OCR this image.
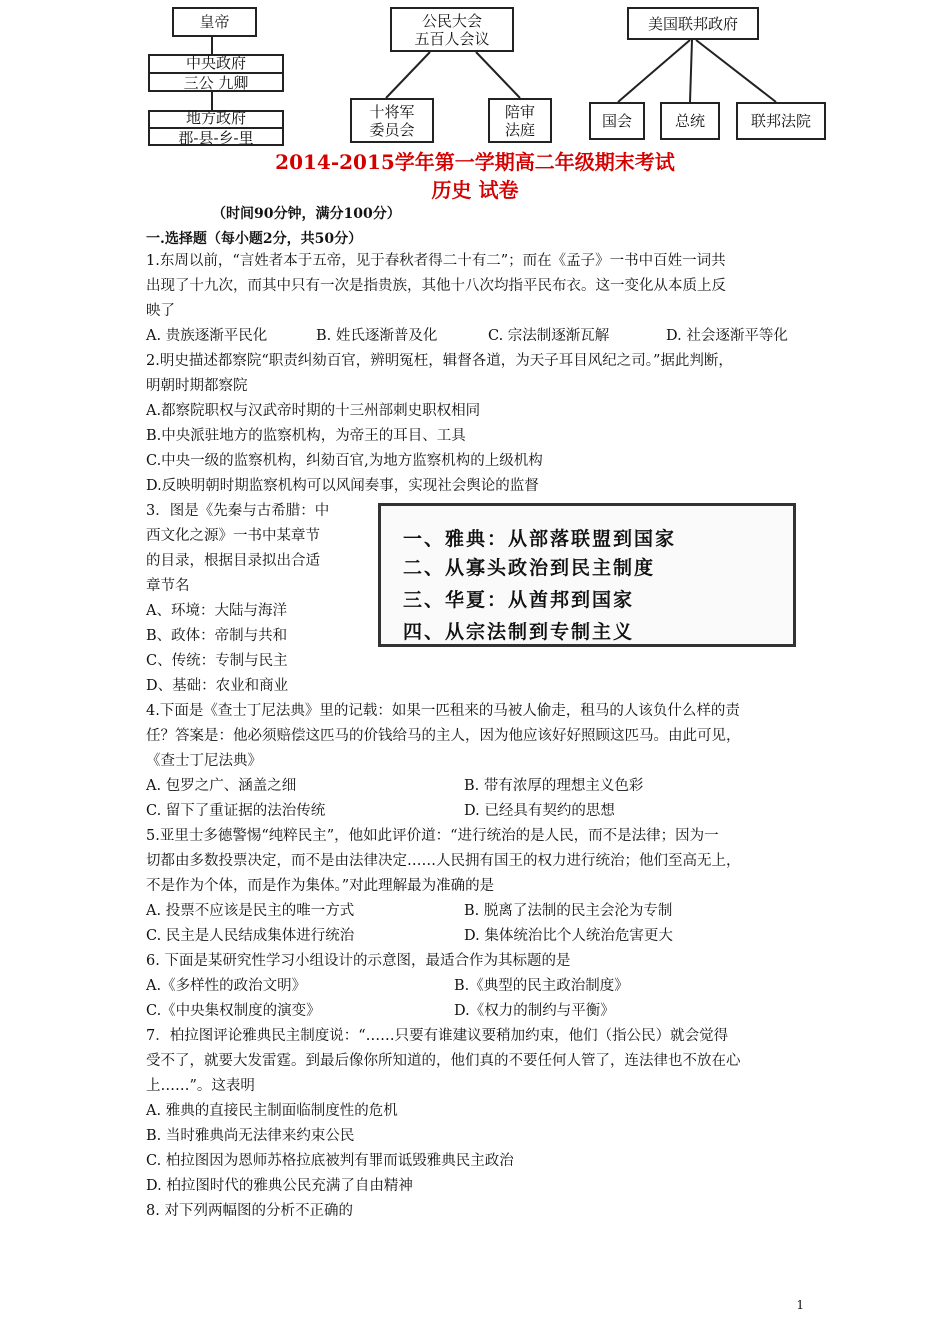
皇帝
中央政府
三公 九卿
地方政府
郡-县-乡-里
公民大会
五百人会议
十将军
委员会
陪审
法庭
美国联邦政府
国会	总统	联邦法院
2014-2015学年第一学期高二年级期末考试
历史 试卷
（时间90分钟，满分100分）
一.选择题（每小题2分，共50分）
1.东周以前，“言姓者本于五帝，见于春秋者得二十有二”；而在《孟子》一书中百姓一词共
出现了十九次，而其中只有一次是指贵族，其他十八次均指平民布衣。这一变化从本质上反
映了
A. 贵族逐渐平民化	B. 姓氏逐渐普及化	C. 宗法制逐渐瓦解	D. 社会逐渐平等化
2.明史描述都察院“职责纠劾百官，辨明冤枉，辑督各道，为天子耳目风纪之司。”据此判断，
明朝时期都察院
A.都察院职权与汉武帝时期的十三州部刺史职权相同
B.中央派驻地方的监察机构，为帝王的耳目、工具
C.中央一级的监察机构，纠劾百官,为地方监察机构的上级机构
D.反映明朝时期监察机构可以风闻奏事，实现社会舆论的监督
3．图是《先秦与古希腊：中
西文化之源》一书中某章节
的目录，根据目录拟出合适
章节名
A、环境：大陆与海洋
B、政体：帝制与共和
C、传统：专制与民主
D、基础：农业和商业
4.下面是《查士丁尼法典》里的记载：如果一匹租来的马被人偷走，租马的人该负什么样的责
任？答案是：他必须赔偿这匹马的价钱给马的主人，因为他应该好好照顾这匹马。由此可见，
《查士丁尼法典》
A. 包罗之广、涵盖之细	B. 带有浓厚的理想主义色彩
C. 留下了重证据的法治传统	D. 已经具有契约的思想
5.亚里士多德警惕“纯粹民主”，他如此评价道：“进行统治的是人民，而不是法律；因为一
切都由多数投票决定，而不是由法律决定……人民拥有国王的权力进行统治；他们至高无上，
不是作为个体，而是作为集体。”对此理解最为准确的是
A. 投票不应该是民主的唯一方式	B. 脱离了法制的民主会沦为专制
C. 民主是人民结成集体进行统治	D. 集体统治比个人统治危害更大
6. 下面是某研究性学习小组设计的示意图，最适合作为其标题的是
A.《多样性的政治文明》	B.《典型的民主政治制度》
C.《中央集权制度的演变》	D.《权力的制约与平衡》
7．柏拉图评论雅典民主制度说：“……只要有谁建议要稍加约束，他们（指公民）就会觉得
受不了，就要大发雷霆。到最后像你所知道的，他们真的不要任何人管了，连法律也不放在心
上……”。这表明
A. 雅典的直接民主制面临制度性的危机
B. 当时雅典尚无法律来约束公民
C. 柏拉图因为恩师苏格拉底被判有罪而诋毁雅典民主政治
D. 柏拉图时代的雅典公民充满了自由精神
8. 对下列两幅图的分析不正确的
一、雅典：从部落联盟到国家
二、从寡头政治到民主制度
三、华夏：从酋邦到国家
四、从宗法制到专制主义
1
